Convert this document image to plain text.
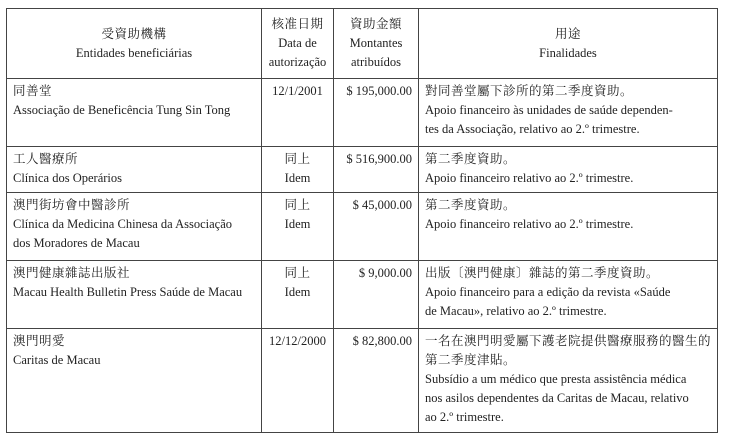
受資助機構
Entidades beneficiárias	核准日期
Data de
autorização	資助金額
Montantes
atribuídos	用途
Finalidades

同善堂
Associação de Beneficência Tung Sin Tong	12/1/2001	$ 195,000.00	對同善堂屬下診所的第二季度資助。
Apoio financeiro às unidades de saúde dependen-
tes da Associação, relativo ao 2.º trimestre.

工人醫療所
Clínica dos Operários	同上
Idem	$ 516,900.00	第二季度資助。
Apoio financeiro relativo ao 2.º trimestre.

澳門街坊會中醫診所
Clínica da Medicina Chinesa da Associação
dos Moradores de Macau	同上
Idem	$ 45,000.00	第二季度資助。
Apoio financeiro relativo ao 2.º trimestre.

澳門健康雜誌出版社
Macau Health Bulletin Press Saúde de Macau	同上
Idem	$ 9,000.00	出版〔澳門健康〕雜誌的第二季度資助。
Apoio financeiro para a edição da revista «Saúde
de Macau», relativo ao 2.º trimestre.

澳門明愛
Caritas de Macau	12/12/2000	$ 82,800.00	一名在澳門明愛屬下護老院提供醫療服務的醫生的
第二季度津貼。
Subsídio a um médico que presta assistência médica
nos asilos dependentes da Caritas de Macau, relativo
ao 2.º trimestre.
